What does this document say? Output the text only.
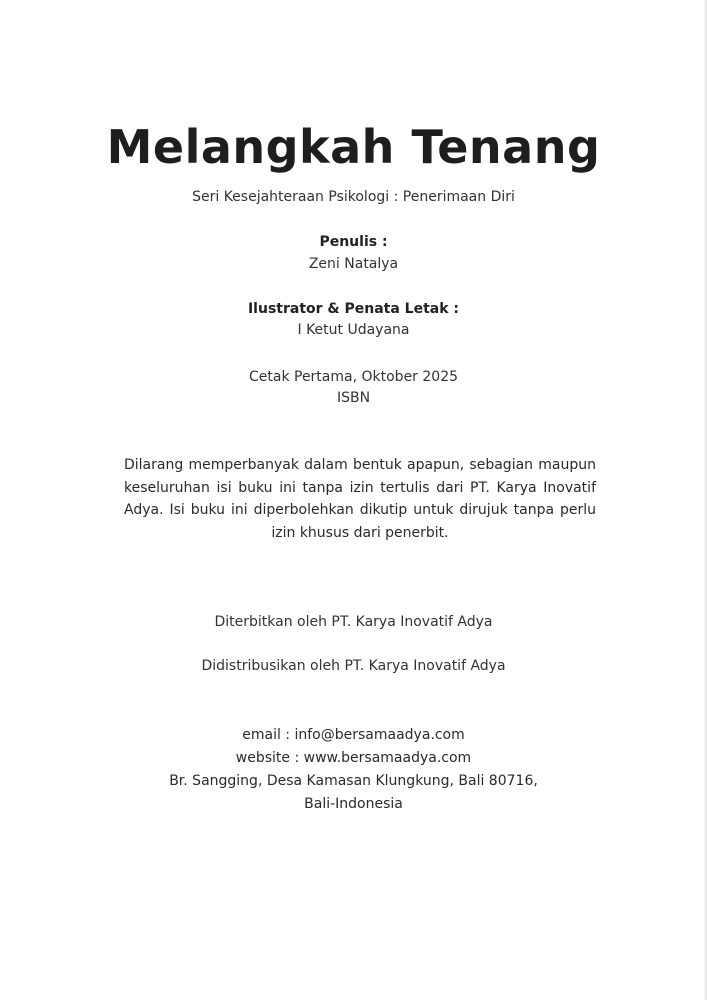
Melangkah Tenang
Seri Kesejahteraan Psikologi : Penerimaan Diri
Penulis :
Zeni Natalya
Ilustrator & Penata Letak :
I Ketut Udayana
Cetak Pertama, Oktober 2025
ISBN
Dilarang memperbanyak dalam bentuk apapun, sebagian maupun keseluruhan isi buku ini tanpa izin tertulis dari PT. Karya Inovatif Adya. Isi buku ini diperbolehkan dikutip untuk dirujuk tanpa perlu izin khusus dari penerbit.
Diterbitkan oleh PT. Karya Inovatif Adya
Didistribusikan oleh PT. Karya Inovatif Adya
email : info@bersamaadya.com
website : www.bersamaadya.com
Br. Sangging, Desa Kamasan Klungkung, Bali 80716,
Bali-Indonesia
